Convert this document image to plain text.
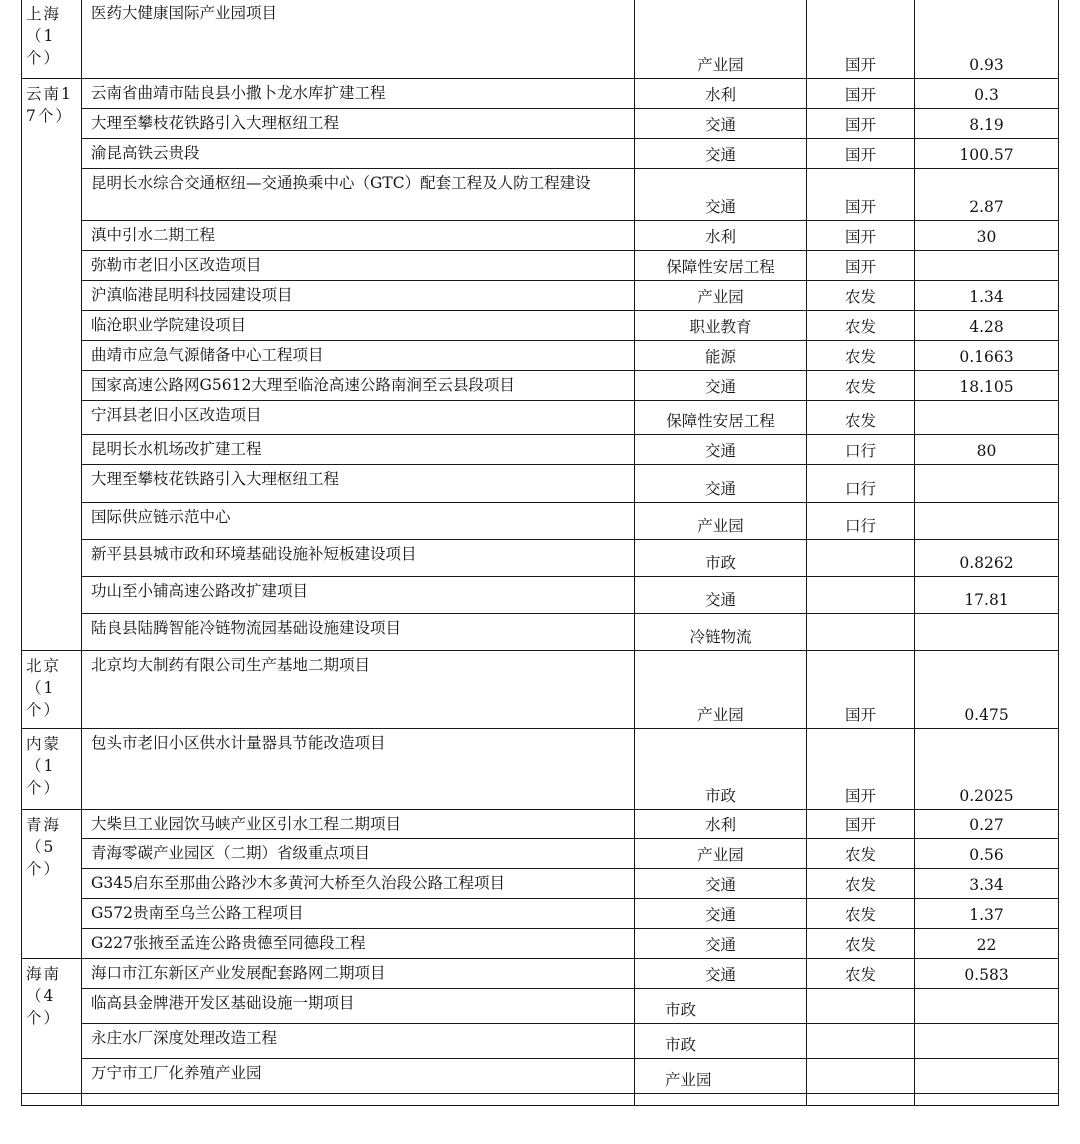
上海（1个）	医药大健康国际产业园项目	产业园	国开	0.93
云南17个）	云南省曲靖市陆良县小撒卜龙水库扩建工程	水利	国开	0.3
	大理至攀枝花铁路引入大理枢纽工程	交通	国开	8.19
	渝昆高铁云贵段	交通	国开	100.57
	昆明长水综合交通枢纽—交通换乘中心（GTC）配套工程及人防工程建设	交通	国开	2.87
	滇中引水二期工程	水利	国开	30
	弥勒市老旧小区改造项目	保障性安居工程	国开	
	沪滇临港昆明科技园建设项目	产业园	农发	1.34
	临沧职业学院建设项目	职业教育	农发	4.28
	曲靖市应急气源储备中心工程项目	能源	农发	0.1663
	国家高速公路网G5612大理至临沧高速公路南涧至云县段项目	交通	农发	18.105
	宁洱县老旧小区改造项目	保障性安居工程	农发	
	昆明长水机场改扩建工程	交通	口行	80
	大理至攀枝花铁路引入大理枢纽工程	交通	口行	
	国际供应链示范中心	产业园	口行	
	新平县县城市政和环境基础设施补短板建设项目	市政		0.8262
	功山至小铺高速公路改扩建项目	交通		17.81
	陆良县陆腾智能冷链物流园基础设施建设项目	冷链物流		
北京（1个）	北京均大制药有限公司生产基地二期项目	产业园	国开	0.475
内蒙（1个）	包头市老旧小区供水计量器具节能改造项目	市政	国开	0.2025
青海（5个）	大柴旦工业园饮马峡产业区引水工程二期项目	水利	国开	0.27
	青海零碳产业园区（二期）省级重点项目	产业园	农发	0.56
	G345启东至那曲公路沙木多黄河大桥至久治段公路工程项目	交通	农发	3.34
	G572贵南至乌兰公路工程项目	交通	农发	1.37
	G227张掖至孟连公路贵德至同德段工程	交通	农发	22
海南（4个）	海口市江东新区产业发展配套路网二期项目	交通	农发	0.583
	临高县金牌港开发区基础设施一期项目	市政		
	永庄水厂深度处理改造工程	市政		
	万宁市工厂化养殖产业园	产业园		
